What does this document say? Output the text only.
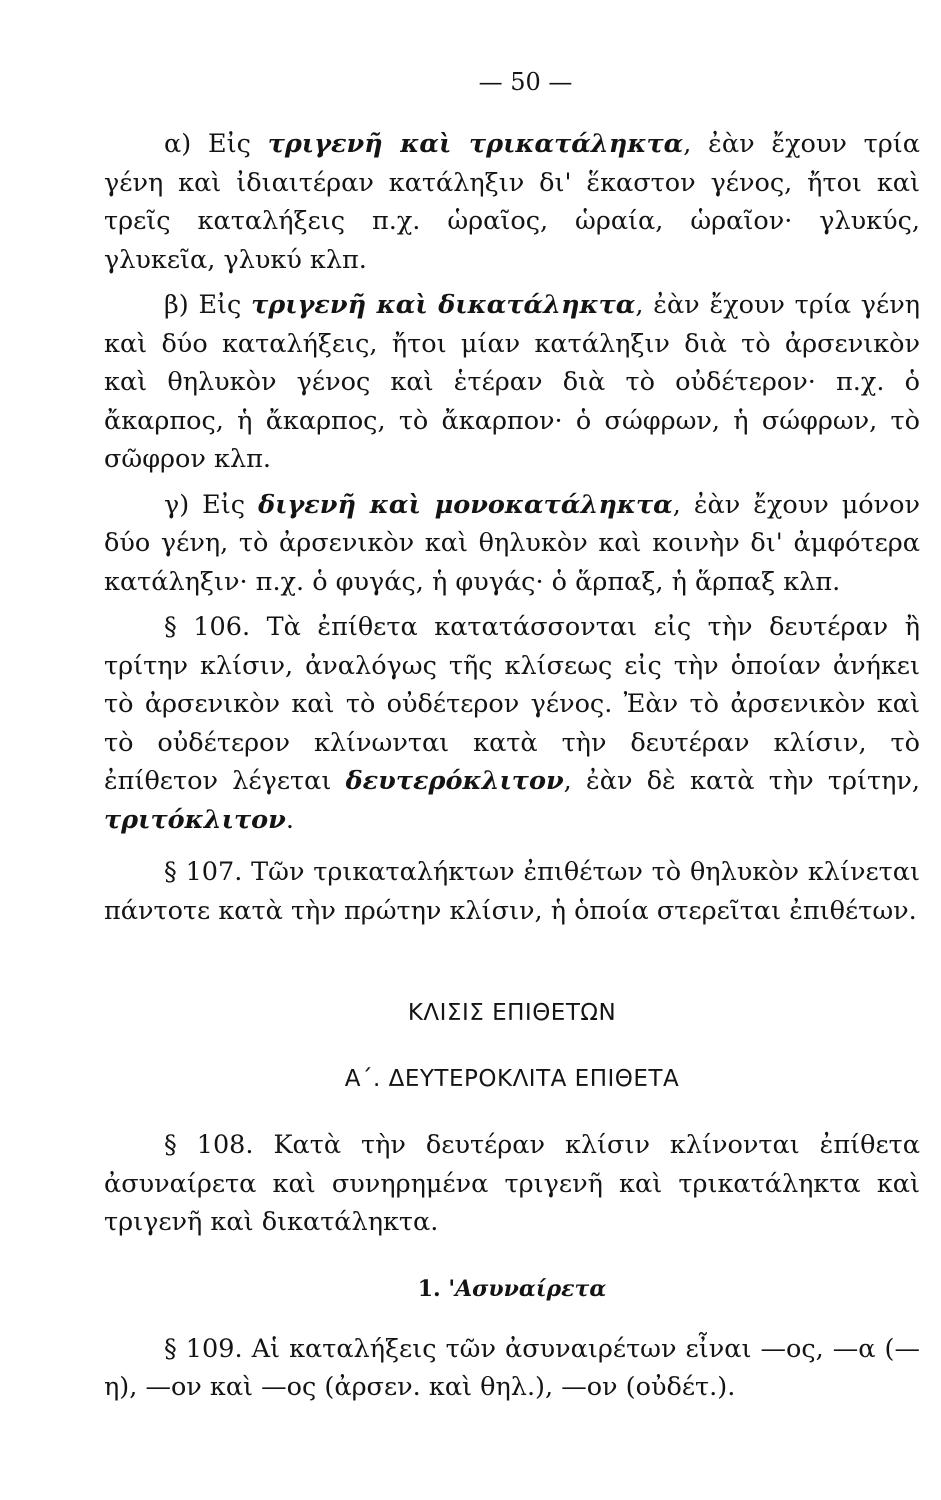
— 50 —

α) Εἰς τριγενῆ καὶ τρικατάληκτα, ἐὰν ἔχουν τρία γένη καὶ ἰδιαιτέραν κατάληξιν δι' ἕκαστον γένος, ἤτοι καὶ τρεῖς καταλήξεις π.χ. ὡραῖος, ὡραία, ὡραῖον· γλυκύς, γλυκεῖα, γλυκύ κλπ.

β) Εἰς τριγενῆ καὶ δικατάληκτα, ἐὰν ἔχουν τρία γένη καὶ δύο καταλήξεις, ἤτοι μίαν κατάληξιν διὰ τὸ ἀρσενικὸν καὶ θηλυκὸν γένος καὶ ἑτέραν διὰ τὸ οὐδέτερον· π.χ. ὁ ἄκαρπος, ἡ ἄκαρπος, τὸ ἄκαρπον· ὁ σώφρων, ἡ σώφρων, τὸ σῶφρον κλπ.

γ) Εἰς διγενῆ καὶ μονοκατάληκτα, ἐὰν ἔχουν μόνον δύο γένη, τὸ ἀρσενικὸν καὶ θηλυκὸν καὶ κοινὴν δι' ἀμφότερα κατάληξιν· π.χ. ὁ φυγάς, ἡ φυγάς· ὁ ἅρπαξ, ἡ ἅρπαξ κλπ.

§ 106. Τὰ ἐπίθετα κατατάσσονται εἰς τὴν δευτέραν ἢ τρίτην κλίσιν, ἀναλόγως τῆς κλίσεως εἰς τὴν ὁποίαν ἀνήκει τὸ ἀρσενικὸν καὶ τὸ οὐδέτερον γένος. Ἐὰν τὸ ἀρσενικὸν καὶ τὸ οὐδέτερον κλίνωνται κατὰ τὴν δευτέραν κλίσιν, τὸ ἐπίθετον λέγεται δευτερόκλιτον, ἐὰν δὲ κατὰ τὴν τρίτην, τριτόκλιτον.

§ 107. Τῶν τρικαταλήκτων ἐπιθέτων τὸ θηλυκὸν κλίνεται πάντοτε κατὰ τὴν πρώτην κλίσιν, ἡ ὁποία στερεῖται ἐπιθέτων.

ΚΛΙΣΙΣ ΕΠΙΘΕΤΩΝ
Α΄. ΔΕΥΤΕΡΟΚΛΙΤΑ ΕΠΙΘΕΤΑ

§ 108. Κατὰ τὴν δευτέραν κλίσιν κλίνονται ἐπίθετα ἀσυναίρετα καὶ συνηρημένα τριγενῆ καὶ τρικατάληκτα καὶ τριγενῆ καὶ δικατάληκτα.

1. 'Ασυναίρετα

§ 109. Αἱ καταλήξεις τῶν ἀσυναιρέτων εἶναι —ος, —α (—η), —ον καὶ —ος (ἀρσεν. καὶ θηλ.), —ον (οὐδέτ.).
